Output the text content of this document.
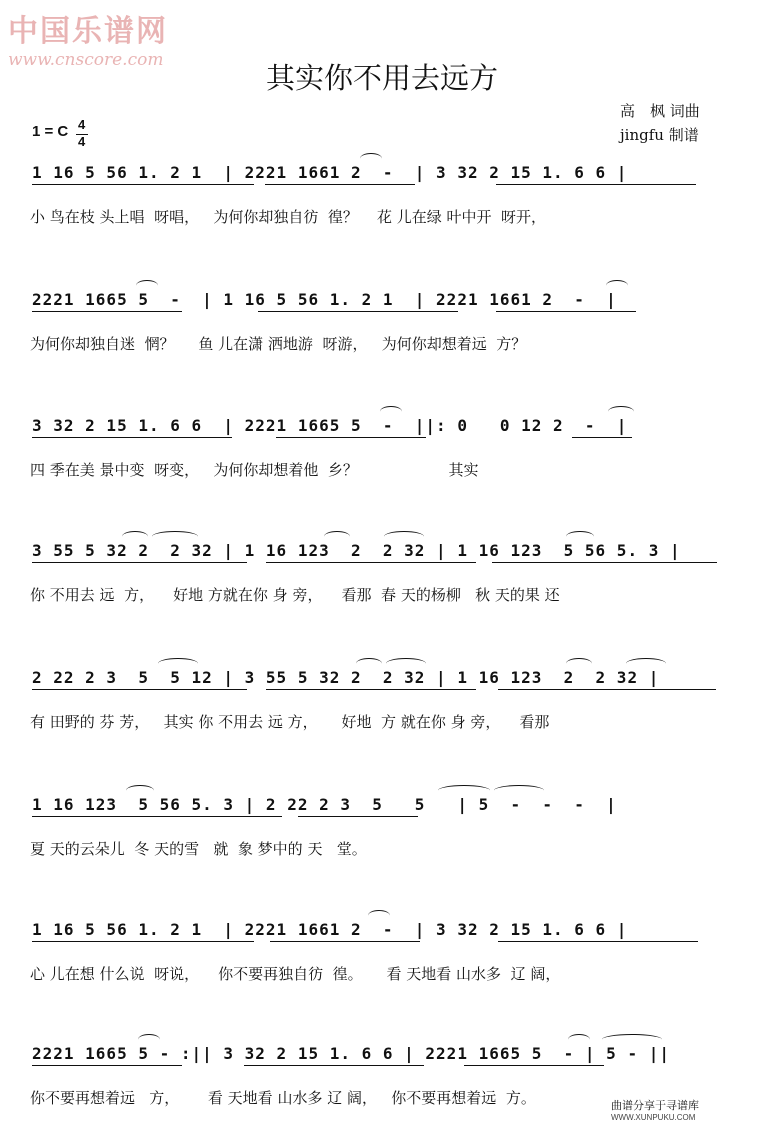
中国乐谱网
www.cnscore.com
其实你不用去远方
高　枫 词曲
jingfu 制谱
1 = C 4
4
1 16 5 56 1. 2 1  | 2221 1661 2  -  | 3 32 2 15 1. 6 6 |
小 鸟在枝 头上唱  呀唱，   为何你却独自彷  徨？    花 儿在绿 叶中开  呀开，
2221 1665 5  -  | 1 16 5 56 1. 2 1  | 2221 1661 2  -  |
为何你却独自迷  惘？     鱼 儿在潇 洒地游  呀游，   为何你却想着远  方？
3 32 2 15 1. 6 6  | 2221 1665 5  -  ||: 0   0 12 2  -  |
四 季在美 景中变  呀变，   为何你却想着他  乡？                   其实
3 55 5 32 2  2 32 | 1 16 123  2  2 32 | 1 16 123  5 56 5. 3 |
你 不用去 远  方，    好地 方就在你 身 旁，    看那  春 天的杨柳   秋 天的果 还
2 22 2 3  5  5 12 | 3 55 5 32 2  2 32 | 1 16 123  2  2 32 |
有 田野的 芬 芳，   其实 你 不用去 远 方，     好地  方 就在你 身 旁，    看那
1 16 123  5 56 5. 3 | 2 22 2 3  5   5   | 5  -  -  -  |
夏 天的云朵儿  冬 天的雪   就  象 梦中的 天   堂。
1 16 5 56 1. 2 1  | 2221 1661 2  -  | 3 32 2 15 1. 6 6 |
心 儿在想 什么说  呀说，    你不要再独自彷  徨。     看 天地看 山水多  辽 阔，
2221 1665 5 - :|| 3 32 2 15 1. 6 6 | 2221 1665 5  - | 5 - ||
你不要再想着远   方，      看 天地看 山水多 辽 阔，   你不要再想着远  方。	曲谱分享于寻谱库
WWW.XUNPUKU.COM
